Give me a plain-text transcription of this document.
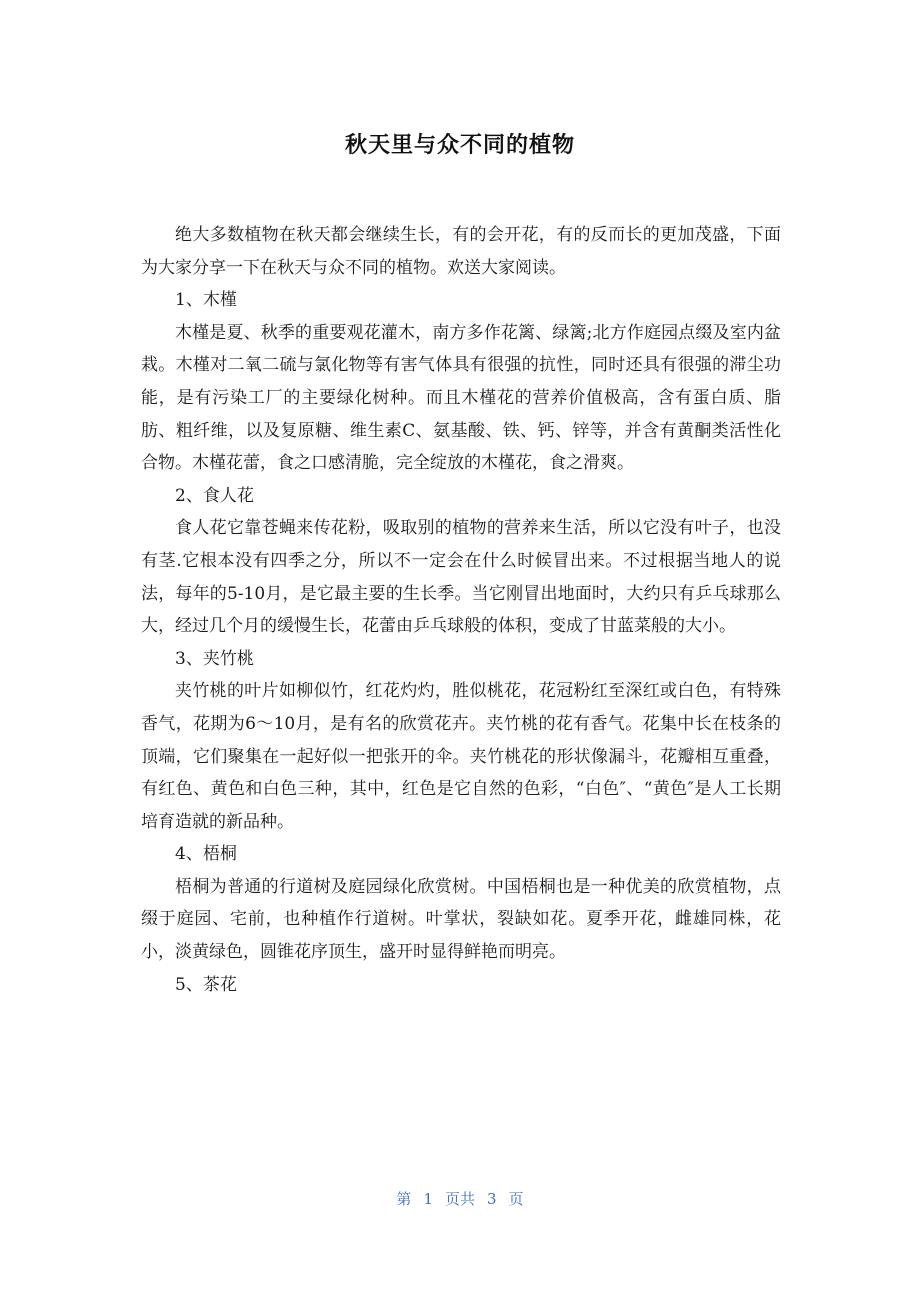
秋天里与众不同的植物

绝大多数植物在秋天都会继续生长，有的会开花，有的反而长的更加茂盛，下面为大家分享一下在秋天与众不同的植物。欢送大家阅读。

1、木槿

木槿是夏、秋季的重要观花灌木，南方多作花篱、绿篱;北方作庭园点缀及室内盆栽。木槿对二氧二硫与氯化物等有害气体具有很强的抗性，同时还具有很强的滞尘功能，是有污染工厂的主要绿化树种。而且木槿花的营养价值极高，含有蛋白质、脂肪、粗纤维，以及复原糖、维生素C、氨基酸、铁、钙、锌等，并含有黄酮类活性化合物。木槿花蕾，食之口感清脆，完全绽放的木槿花，食之滑爽。

2、食人花

食人花它靠苍蝇来传花粉，吸取别的植物的营养来生活，所以它没有叶子，也没有茎.它根本没有四季之分，所以不一定会在什么时候冒出来。不过根据当地人的说法，每年的5-10月，是它最主要的生长季。当它刚冒出地面时，大约只有乒乓球那么大，经过几个月的缓慢生长，花蕾由乒乓球般的体积，变成了甘蓝菜般的大小。

3、夹竹桃

夹竹桃的叶片如柳似竹，红花灼灼，胜似桃花，花冠粉红至深红或白色，有特殊香气，花期为6～10月，是有名的欣赏花卉。夹竹桃的花有香气。花集中长在枝条的顶端，它们聚集在一起好似一把张开的伞。夹竹桃花的形状像漏斗，花瓣相互重叠，有红色、黄色和白色三种，其中，红色是它自然的色彩，“白色″、“黄色″是人工长期培育造就的新品种。

4、梧桐

梧桐为普通的行道树及庭园绿化欣赏树。中国梧桐也是一种优美的欣赏植物，点缀于庭园、宅前，也种植作行道树。叶掌状，裂缺如花。夏季开花，雌雄同株，花小，淡黄绿色，圆锥花序顶生，盛开时显得鲜艳而明亮。

5、茶花

第 1 页共 3 页
